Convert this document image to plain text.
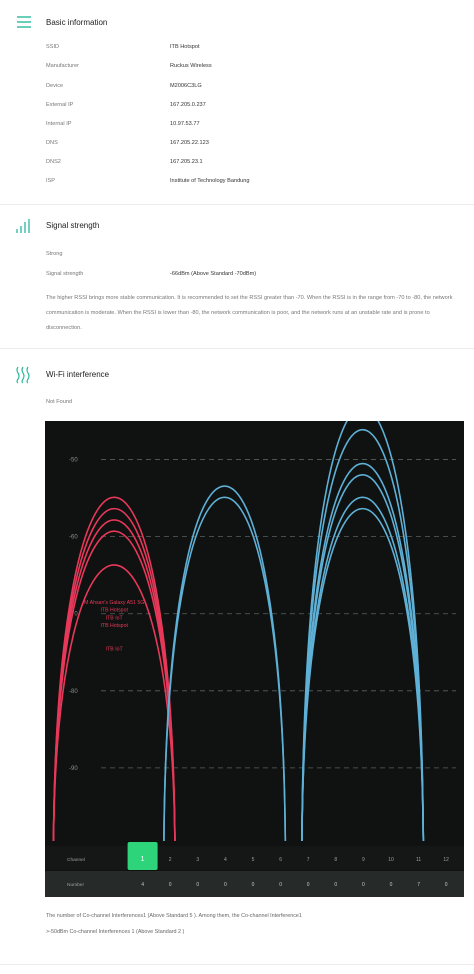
Basic information
SSID	ITB Hotspot
Manufacturer	Ruckus Wireless
Device	M2006C3LG
External IP	167.205.0.237
Internal IP	10.97.53.77
DNS	167.205.22.123
DNS2	167.205.23.1
ISP	Institute of Technology Bandung
Signal strength
Strong
Signal strength	-66dBm (Above Standard -70dBm)
The higher RSSI brings more stable communication. It is recommended to set the RSSI greater than -70. When the RSSI is in the range from -70 to -80, the network communication is moderate. When the RSSI is lower than -80, the network communication is poor, and the network runs at an unstable rate and is prone to disconnection.
Wi-Fi interference
Not Found
-50
-60
-70
-80
-90
M Ahsan's Galaxy A51 5G
ITB Hotspot
ITB IoT
ITB Hotspot
ITB IoT
Channel	1	2	3	4	5	6	7	8	9	10	11	12
Number	4	0	0	0	0	0	0	0	0	0	7	0
The number of Co-channel Interferences1 (Above Standard 5 ). Among them, the Co-channel Interference1
>-50dBm Co-channel Interferences 1 (Above Standard 2 )
